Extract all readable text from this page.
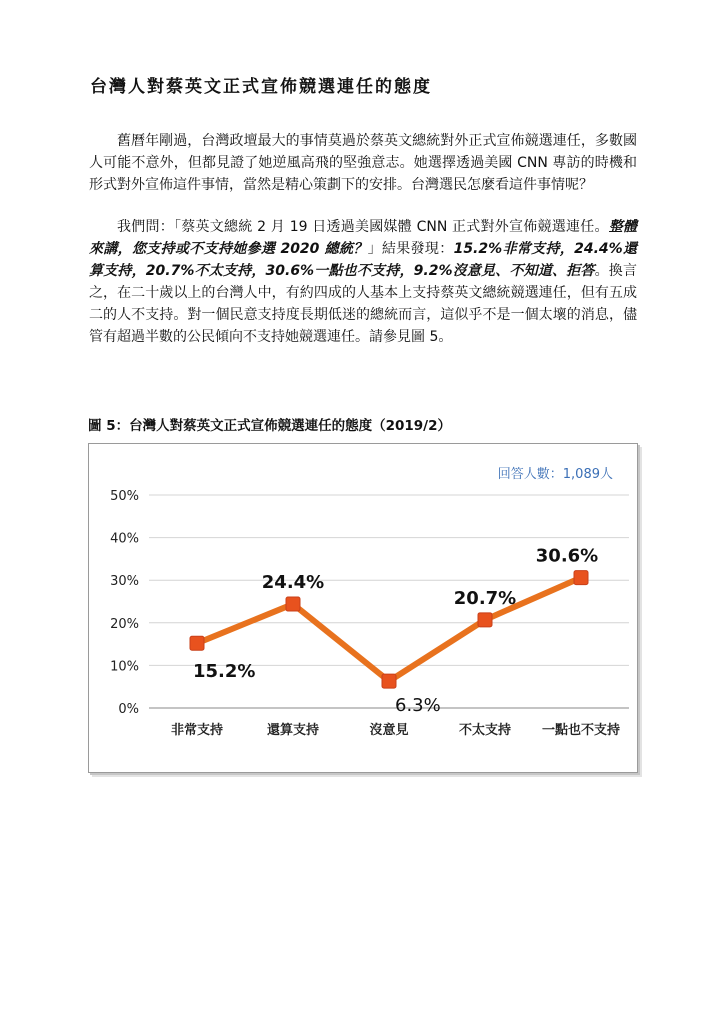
台灣人對蔡英文正式宣佈競選連任的態度

舊曆年剛過，台灣政壇最大的事情莫過於蔡英文總統對外正式宣佈競選連任，多數國人可能不意外，但都見證了她逆風高飛的堅強意志。她選擇透過美國 CNN 專訪的時機和形式對外宣佈這件事情，當然是精心策劃下的安排。台灣選民怎麼看這件事情呢？

我們問：「蔡英文總統 2 月 19 日透過美國媒體 CNN 正式對外宣佈競選連任。整體來講，您支持或不支持她參選 2020 總統？」結果發現：15.2%非常支持，24.4%還算支持，20.7%不太支持，30.6%一點也不支持，9.2%沒意見、不知道、拒答。換言之，在二十歲以上的台灣人中，有約四成的人基本上支持蔡英文總統競選連任，但有五成二的人不支持。對一個民意支持度長期低迷的總統而言，這似乎不是一個太壞的消息，儘管有超過半數的公民傾向不支持她競選連任。請參見圖 5。

圖 5：台灣人對蔡英文正式宣佈競選連任的態度（2019/2）

0%
10%
20%
30%
40%
50%
非常支持	還算支持	沒意見	不太支持 一點也不支持
15.2%
24.4%
6.3%
20.7%
30.6%
回答人數：1,089人
